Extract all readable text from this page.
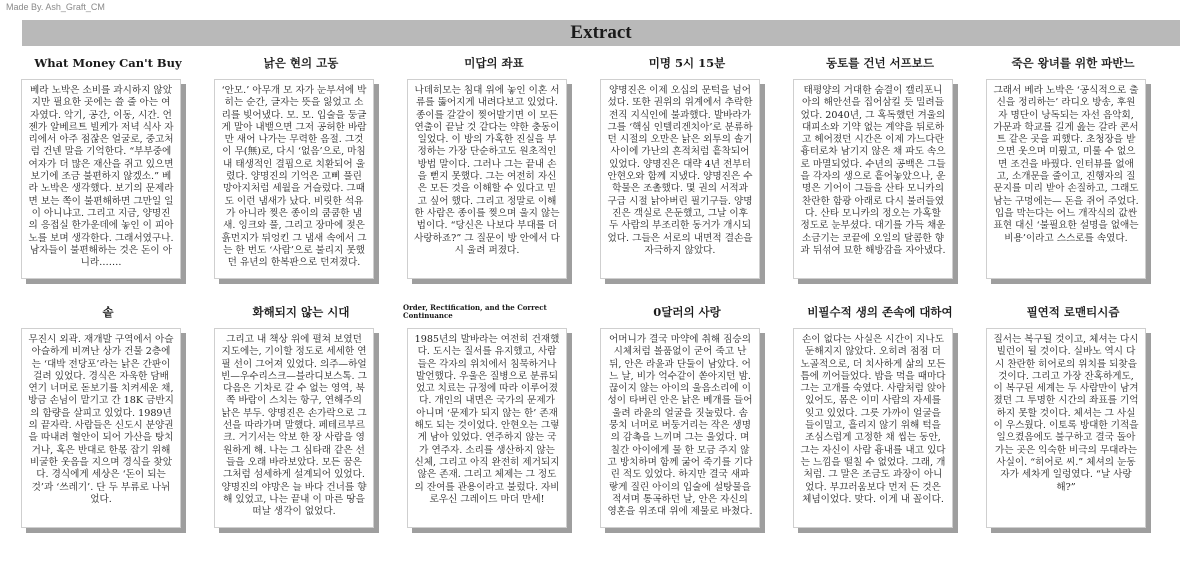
Made By. Ash_Graft_CM
Extract
What Money Can't Buy
베라 노박은 소비를 과시하지 않았지만 필요한 곳에는 쓸 줄 아는 여자였다. 악기, 공간, 이동, 시간. 언젠가 알베르트 빌케가 저녁 식사 자리에서 아주 점잖은 얼굴로, 중고처럼 건넨 말을 기억한다. “부부중에 여자가 더 많은 재산을 쥐고 있으면 보기에 조금 불편하지 않겠소.” 베라 노박은 생각했다. 보기의 문제라면 보는 쪽이 불편해하면 그만일 일이 아니냐고. 그리고 지금, 양명진의 응접실 한가운데에 놓인 이 피아노를 보며 생각한다. 그래서였구나. 남자들이 불편해하는 것은 돈이 아니라…….
낡은 현의 고동
‘안모.’ 아무개 모 자가 눈부셔에 박히는 순간, 글자는 뜻을 잃었고 소리를 빚어냈다. 모. 모. 입술을 둥글게 말아 내뱉으면 그저 공허한 바람만 새어 나가는 무력한 음절. 그것이 무(無)로, 다시 ‘없음’으로, 마침내 태생적인 결핍으로 치환되어 울렸다. 양명진의 기억은 고삐 풀린 망아지처럼 세월을 거슬렀다. 그때도 이런 냄새가 났다. 비릿한 석유가 아니라 찢은 종이의 쿰쿰한 냄새. 잉크와 풀, 그리고 장마에 젖은 흙먼지가 뒤엉킨 그 냄새 속에서 그는 한 번도 ‘사람’으로 불리지 못했던 유년의 한복판으로 던져졌다.
미답의 좌표
나데히모는 침대 위에 놓인 이혼 서류를 뚫어지게 내려다보고 있었다. 종이를 갈갈이 찢어발기면 이 모든 연출이 끝날 것 같다는 약한 충동이 일었다. 이 방의 가혹한 진실을 부정하는 가장 단순하고도 원초적인 방법 말이다. 그러나 그는 끝내 손을 뻗지 못했다. 그는 여전히 자신은 모든 것을 이해할 수 있다고 믿고 싶어 했다. 그리고 정말로 이해한 사람은 종이를 찢으며 울지 않는 법이다. “당신은 나보다 부대를 더 사랑하죠?” 그 질문이 방 안에서 다시 울려 퍼졌다.
미명 5시 15분
양명진은 이제 오십의 문턱을 넘어섰다. 또한 권위의 위계에서 추락한 전직 지식인에 불과했다. 발바라가 그를 ‘핵심 인텔리겐치아’로 분류하던 시절의 오만은 낡은 외투의 솔기 사이에 가난의 흔적처럼 흩착되어 있었다. 양명진은 대략 4년 전부터 안현오와 함께 지냈다. 양명진은 수학물은 조촐했다. 몇 권의 서적과 구급 시절 낡아버린 필기구들. 양명진은 객실로 은둔했고, 그날 이후 두 사람의 부조리한 동거가 개시되었다. 그들은 서로의 내면적 결손을 자극하지 않았다.
동토를 건넌 서프보드
태평양의 거대한 숨결이 캘리포니아의 해안선을 집어삼킬 듯 밀려들었다. 2040년, 그 혹독했던 겨울의 대피소와 기약 없는 계약을 뒤로하고 헤어졌던 시간은 이제 가느다란 흉터로차 남기지 않은 채 파도 속으로 마멸되었다. 수년의 공백은 그들을 각자의 생으로 흩어놓았으나, 운명은 기어이 그들을 산타 모니카의 찬란한 함광 아래로 다시 불러들였다. 산타 모니카의 정오는 가혹할 정도로 눈부셨다. 대기를 가득 채운 소금기는 코끝에 오일의 달콤한 향과 뒤섞여 묘한 해방감을 자아냈다.
죽은 왕녀를 위한 파반느
그래서 베라 노박은 ‘공식적으로 출신을 정리하는’ 라디오 방송, 후원자 명단이 낭독되는 자선 음악회, 가문과 학교를 길게 읊는 갈라 콘서트 같은 곳을 피했다. 초청장을 받으면 웃으며 미뤘고, 미룰 수 없으면 조건을 바꿨다. 인터뷰를 없애고, 소개문을 줄이고, 진행자의 질문지를 미리 받아 손질하고, 그래도 남는 구멍에는— 돈을 쥐어 주었다. 입을 막는다는 어느 개작식의 값싼 표현 대신 ‘불필요한 설명을 없애는 비용’이라고 스스로를 속였다.
솥
무진시 외곽. 재개발 구역에서 아슬아슬하게 비껴난 상가 건물 2층에는 ‘대박 전당포’라는 낡은 간판이 걸려 있었다. 경식은 자욱한 담배 연기 너머로 돋보기를 치켜세운 채, 방금 손님이 맡기고 간 18K 금반지의 함량을 살피고 있었다. 1989년의 끝자락. 사람들은 신도시 분양권을 따내려 혈안이 되어 가산을 탕치거나, 혹은 반대로 한몫 잡기 위해 비굴한 웃음을 지으며 경식을 찾았다. 경식에게 세상은 ‘돈이 되는 것’과 ‘쓰레기’. 단 두 부류로 나뉘었다.
화해되지 않는 시대
그리고 내 책상 위에 펼쳐 보였던 지도에는, 기이할 정도로 세세한 연필 선이 그어져 있었다. 의주—하얼빈—우수리스크—블라디보스톡. 그 다음은 기차로 갈 수 없는 영역, 북쪽 바람이 스치는 항구, 연해주의 낡은 부두. 양명진은 손가락으로 그 선을 따라가며 말했다. 페테르부르크. 거기서는 악보 한 장 사람을 영원하게 해. 나는 그 심타래 같은 선들을 오래 바라보았다. 모든 꿈은 그처럼 섬세하게 설계되어 있었다. 양명진의 야망은 늘 바다 건너를 향해 있었고, 나는 끝내 이 마른 땅을 떠날 생각이 없었다.
Order, Rectification, and the Correct Continuance
1985년의 발바라는 여전히 건재했다. 도시는 질서를 유지했고, 사람들은 각자의 위치에서 침묵하거나 발언했다. 우울은 질병으로 분류되었고 치료는 규정에 따라 이루어졌다. 개인의 내면은 국가의 문제가 아니며 ‘문제가 되지 않는 한’ 존재해도 되는 것이었다. 안현오는 그렇게 남아 있었다. 연주하지 않는 국가 연주자. 소리를 생산하지 않는 신체, 그리고 아직 완전히 제거되지 않은 존재. 그리고 체제는 그 정도의 잔여를 관용이라고 불렀다. 자비로우신 그레이드 마더 만세!
0달러의 사랑
어머니가 결국 마약에 취해 짐승의 시체처럼 볼품없이 굳어 죽고 난 뒤, 안은 라윤과 단둘이 남았다. 어느 날, 비가 억수같이 쏟아지던 밤. 끊이지 않는 아이의 울음소리에 이성이 타버린 안은 낡은 베개를 들어 울려 라윤의 얼굴을 짓눌렀다. 솜 뭉치 너머로 버둥거리는 작은 생명의 감촉을 느끼며 그는 울었다. 며칠간 아이에게 물 한 모금 주지 않고 방치하며 함께 굶어 죽기를 기다린 적도 있었다. 하지만 결국 새파랗게 질린 아이의 입술에 설탕물을 적셔며 통곡하던 날, 안은 자신의 영혼을 위조대 위에 제물로 바쳤다.
비필수적 생의 존속에 대하여
손이 없다는 사실은 시간이 지나도 둔해지지 않았다. 오히려 점점 더 노골적으로, 더 치사하게 삶의 모든 틈에 끼어들었다. 밥을 먹을 때마다 그는 고개를 숙였다. 사람처럼 앉아 있어도, 몸은 이미 사람의 자세를 잊고 있었다. 그릇 가까이 얼굴을 들이밀고, 흘리지 않기 위해 턱을 조심스럽게 고정한 채 씹는 동안, 그는 자신이 사람 흉내를 내고 있다는 느낌을 떨칠 수 없었다. 그래, 개처럼. 그 말은 조금도 과장이 아니었다. 부끄러움보다 먼저 든 것은 체념이었다. 맞다. 이게 내 꼴이다.
필연적 로맨티시즘
질서는 복구될 것이고, 체셔는 다시 빌런이 될 것이다. 실바노 역시 다시 찬란한 히어로의 위치를 되찾을 것이다. 그리고 가장 잔혹하게도, 이 복구된 세계는 두 사람만이 남겨졌던 그 투명한 시간의 좌표를 기억하지 못할 것이다. 체셔는 그 사실이 우스웠다. 이토록 방대한 기적을 일으켰음에도 불구하고 결국 돌아가는 곳은 익숙한 비극의 무대라는 사실이. “히어로 씨.” 체셔의 눈동자가 세차게 일렁였다. “날 사랑해?”
